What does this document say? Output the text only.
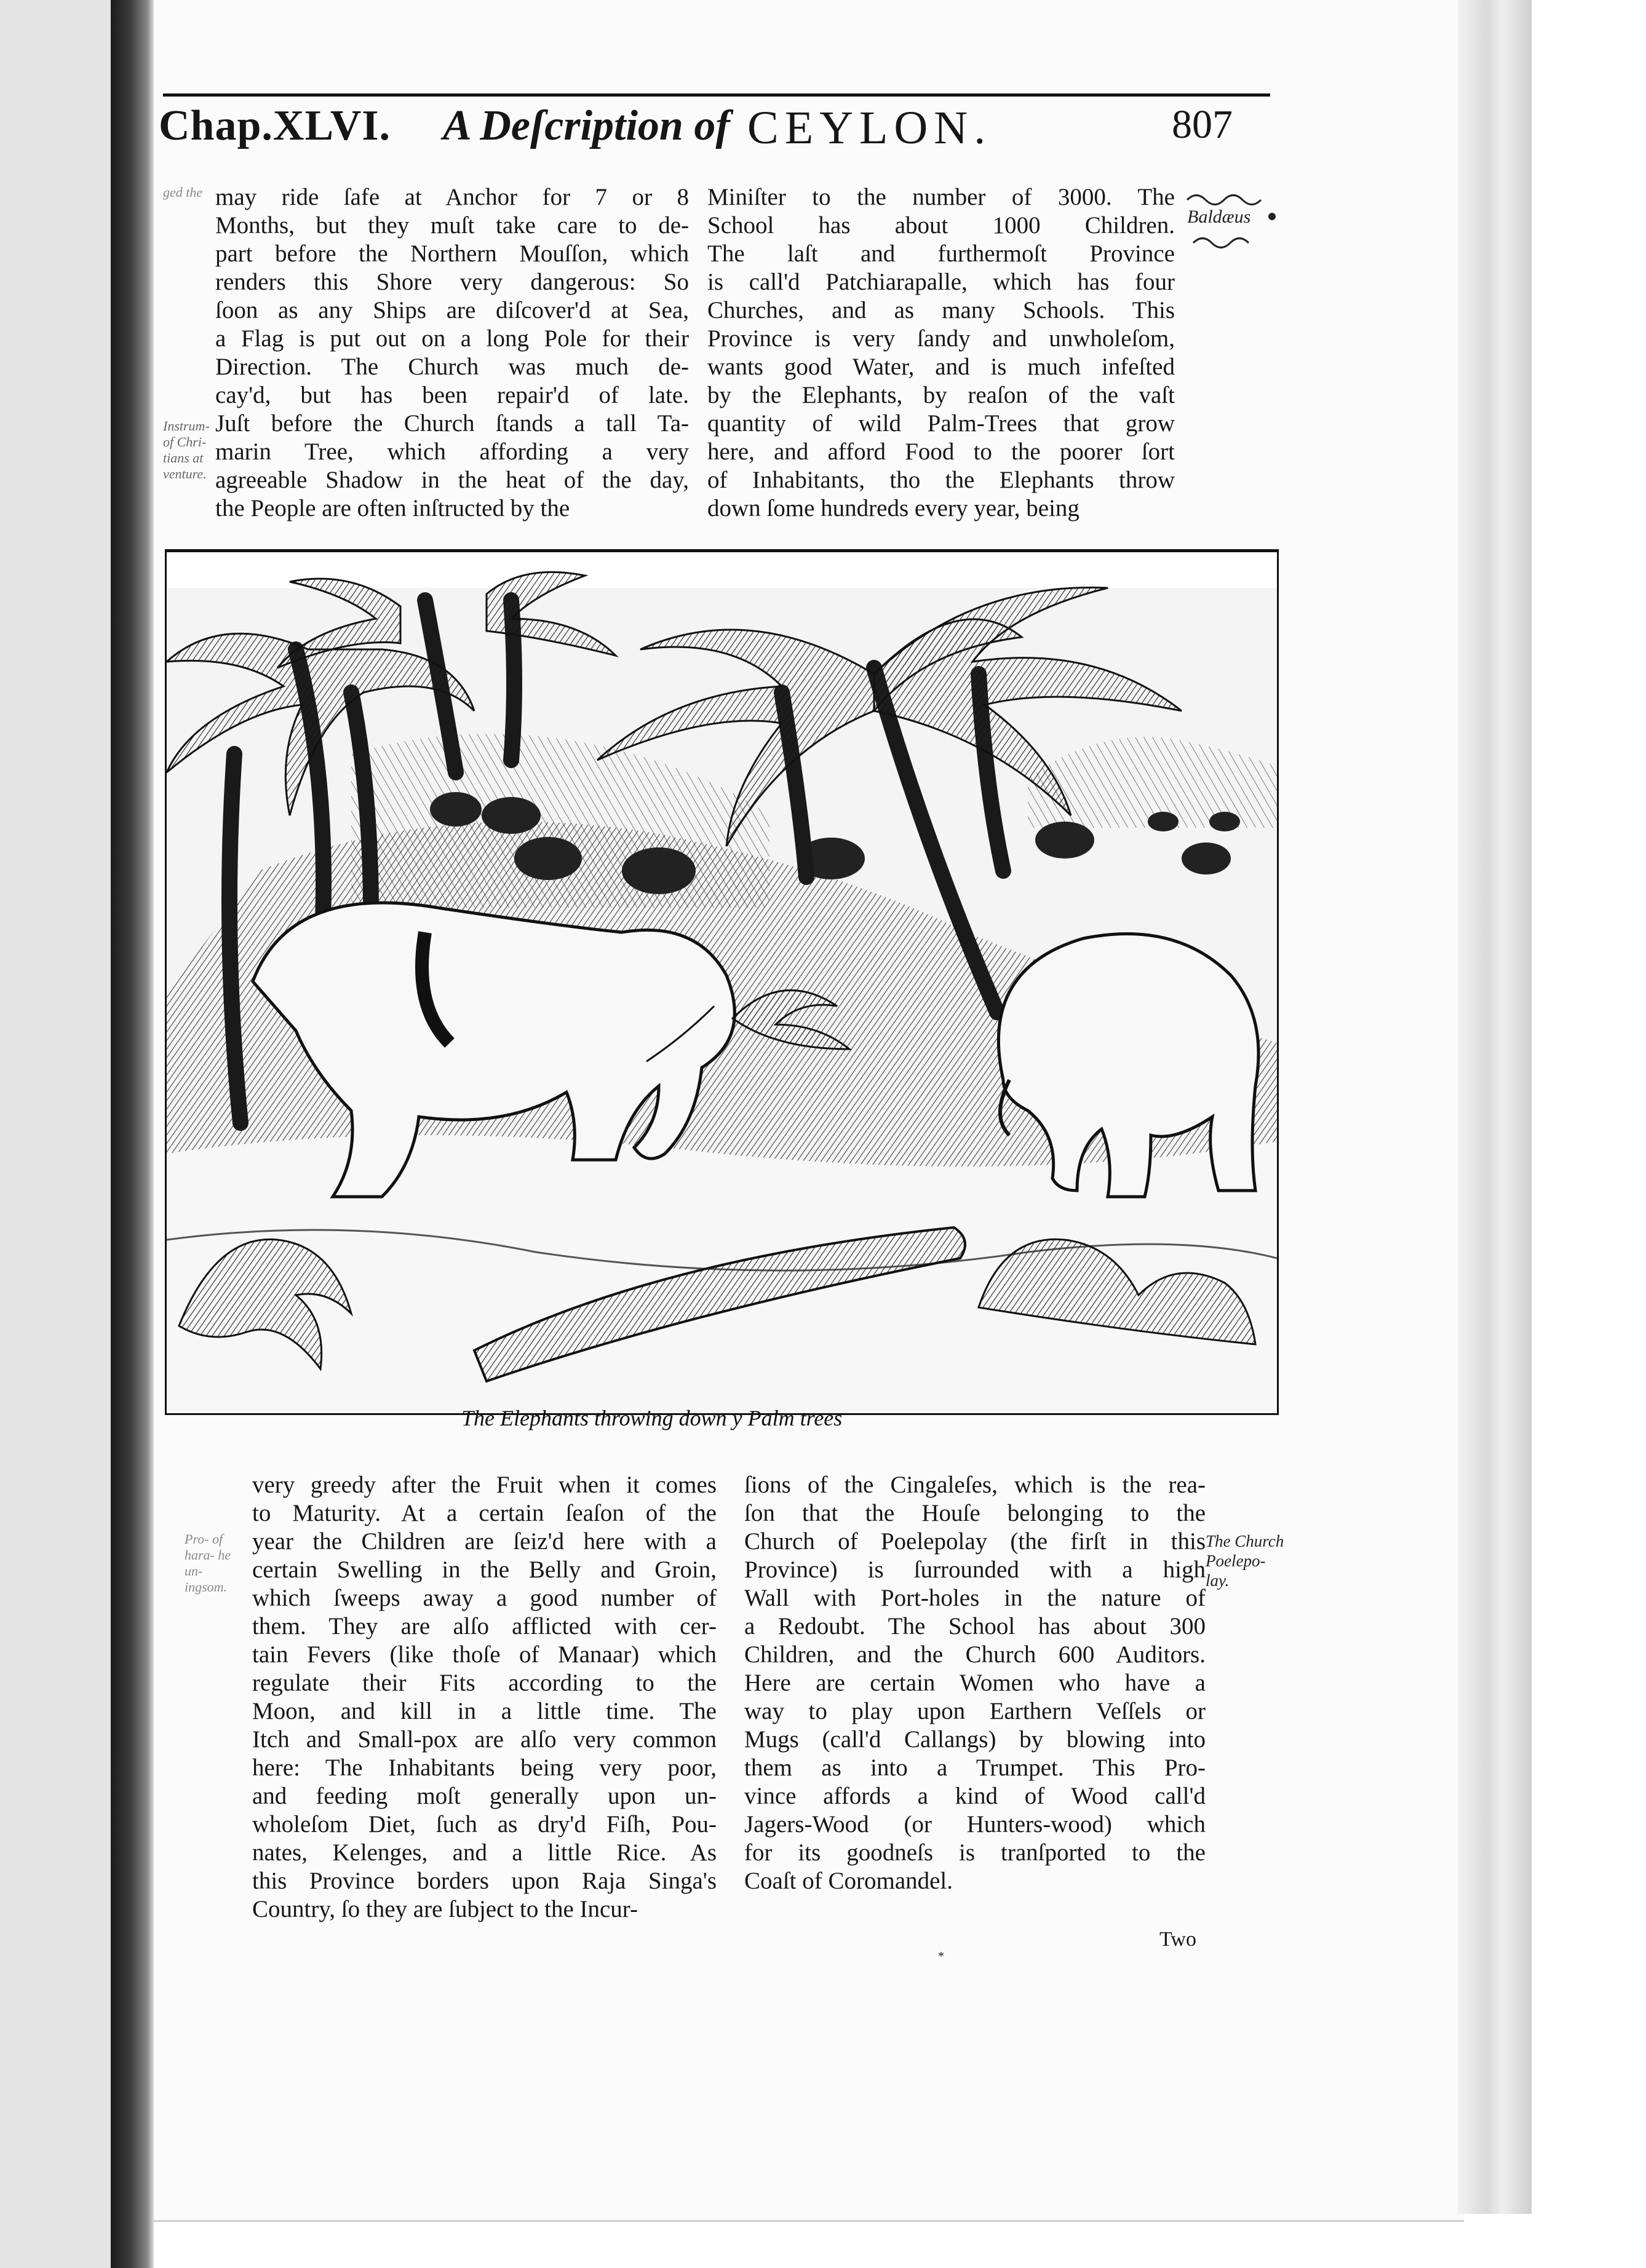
Chap.XLVI. A Deſcription of CEYLON.	807
ged the
Instrum- of Chri- tians at venture.
Baldæus
may ride ſafe at Anchor for 7 or 8
Months, but they muſt take care to de-
part before the Northern Mouſſon, which
renders this Shore very dangerous: So
ſoon as any Ships are diſcover'd at Sea,
a Flag is put out on a long Pole for their
Direction. The Church was much de-
cay'd, but has been repair'd of late.
Juſt before the Church ſtands a tall Ta-
marin Tree, which affording a very
agreeable Shadow in the heat of the day,
the People are often inſtructed by the
Miniſter to the number of 3000. The
School has about 1000 Children.
The laſt and furthermoſt Province
is call'd Patchiarapalle, which has four
Churches, and as many Schools. This
Province is very ſandy and unwholeſom,
wants good Water, and is much infeſted
by the Elephants, by reaſon of the vaſt
quantity of wild Palm-Trees that grow
here, and afford Food to the poorer ſort
of Inhabitants, tho the Elephants throw
down ſome hundreds every year, being
The Elephants throwing down y Palm trees
Pro- of hara- he un- ingsom.
The Church Poelepo- lay.
very greedy after the Fruit when it comes
to Maturity. At a certain ſeaſon of the
year the Children are ſeiz'd here with a
certain Swelling in the Belly and Groin,
which ſweeps away a good number of
them. They are alſo afflicted with cer-
tain Fevers (like thoſe of Manaar) which
regulate their Fits according to the
Moon, and kill in a little time. The
Itch and Small-pox are alſo very common
here: The Inhabitants being very poor,
and feeding moſt generally upon un-
wholeſom Diet, ſuch as dry'd Fiſh, Pou-
nates, Kelenges, and a little Rice. As
this Province borders upon Raja Singa's
Country, ſo they are ſubject to the Incur-
ſions of the Cingaleſes, which is the rea-
ſon that the Houſe belonging to the
Church of Poelepolay (the firſt in this
Province) is ſurrounded with a high
Wall with Port-holes in the nature of
a Redoubt. The School has about 300
Children, and the Church 600 Auditors.
Here are certain Women who have a
way to play upon Earthern Veſſels or
Mugs (call'd Callangs) by blowing into
them as into a Trumpet. This Pro-
vince affords a kind of Wood call'd
Jagers-Wood (or Hunters-wood) which
for its goodneſs is tranſported to the
Coaſt of Coromandel.
Two
*
